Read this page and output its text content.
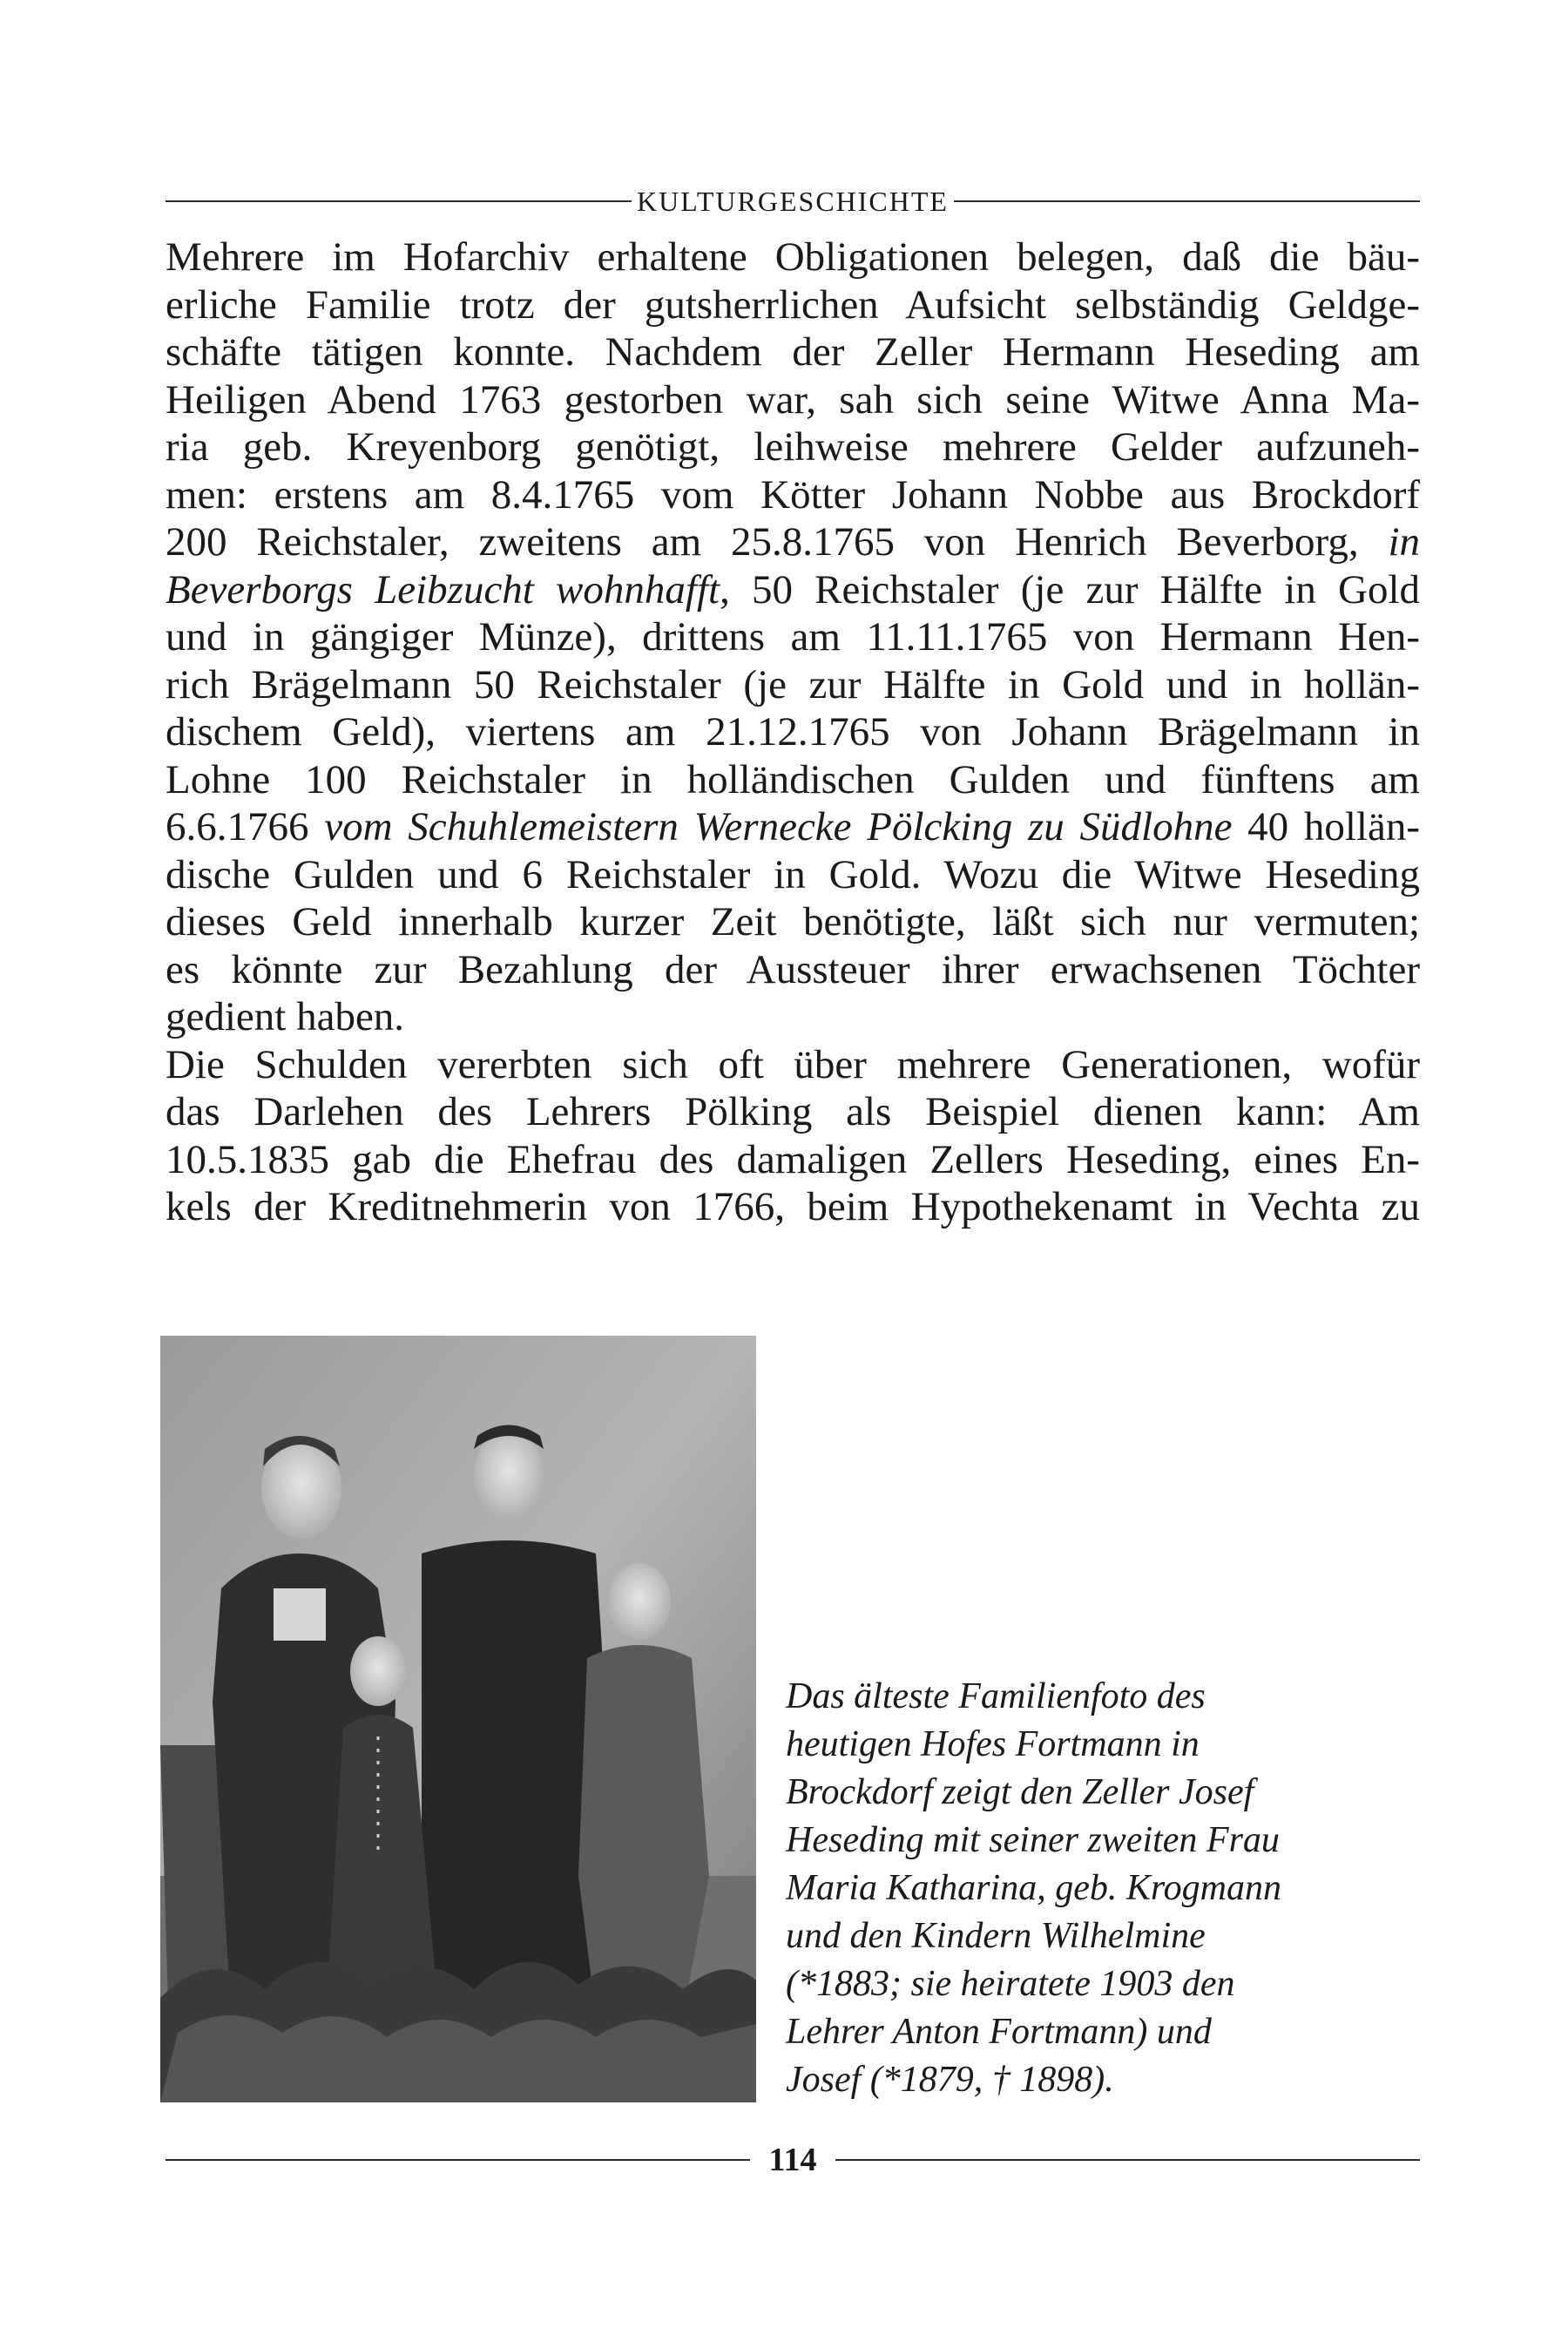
KULTURGESCHICHTE
Mehrere im Hofarchiv erhaltene Obligationen belegen, daß die bäu-
erliche Familie trotz der gutsherrlichen Aufsicht selbständig Geldge-
schäfte tätigen konnte. Nachdem der Zeller Hermann Heseding am
Heiligen Abend 1763 gestorben war, sah sich seine Witwe Anna Ma-
ria geb. Kreyenborg genötigt, leihweise mehrere Gelder aufzuneh-
men: erstens am 8.4.1765 vom Kötter Johann Nobbe aus Brockdorf
200 Reichstaler, zweitens am 25.8.1765 von Henrich Beverborg, in
Beverborgs Leibzucht wohnhafft, 50 Reichstaler (je zur Hälfte in Gold
und in gängiger Münze), drittens am 11.11.1765 von Hermann Hen-
rich Brägelmann 50 Reichstaler (je zur Hälfte in Gold und in hollän-
dischem Geld), viertens am 21.12.1765 von Johann Brägelmann in
Lohne 100 Reichstaler in holländischen Gulden und fünftens am
6.6.1766 vom Schuhlemeistern Wernecke Pölcking zu Südlohne 40 hollän-
dische Gulden und 6 Reichstaler in Gold. Wozu die Witwe Heseding
dieses Geld innerhalb kurzer Zeit benötigte, läßt sich nur vermuten;
es könnte zur Bezahlung der Aussteuer ihrer erwachsenen Töchter
gedient haben.
Die Schulden vererbten sich oft über mehrere Generationen, wofür
das Darlehen des Lehrers Pölking als Beispiel dienen kann: Am
10.5.1835 gab die Ehefrau des damaligen Zellers Heseding, eines En-
kels der Kreditnehmerin von 1766, beim Hypothekenamt in Vechta zu
Das älteste Familienfoto des
heutigen Hofes Fortmann in
Brockdorf zeigt den Zeller Josef
Heseding mit seiner zweiten Frau
Maria Katharina, geb. Krogmann
und den Kindern Wilhelmine
(*1883; sie heiratete 1903 den
Lehrer Anton Fortmann) und
Josef (*1879, † 1898).
114
